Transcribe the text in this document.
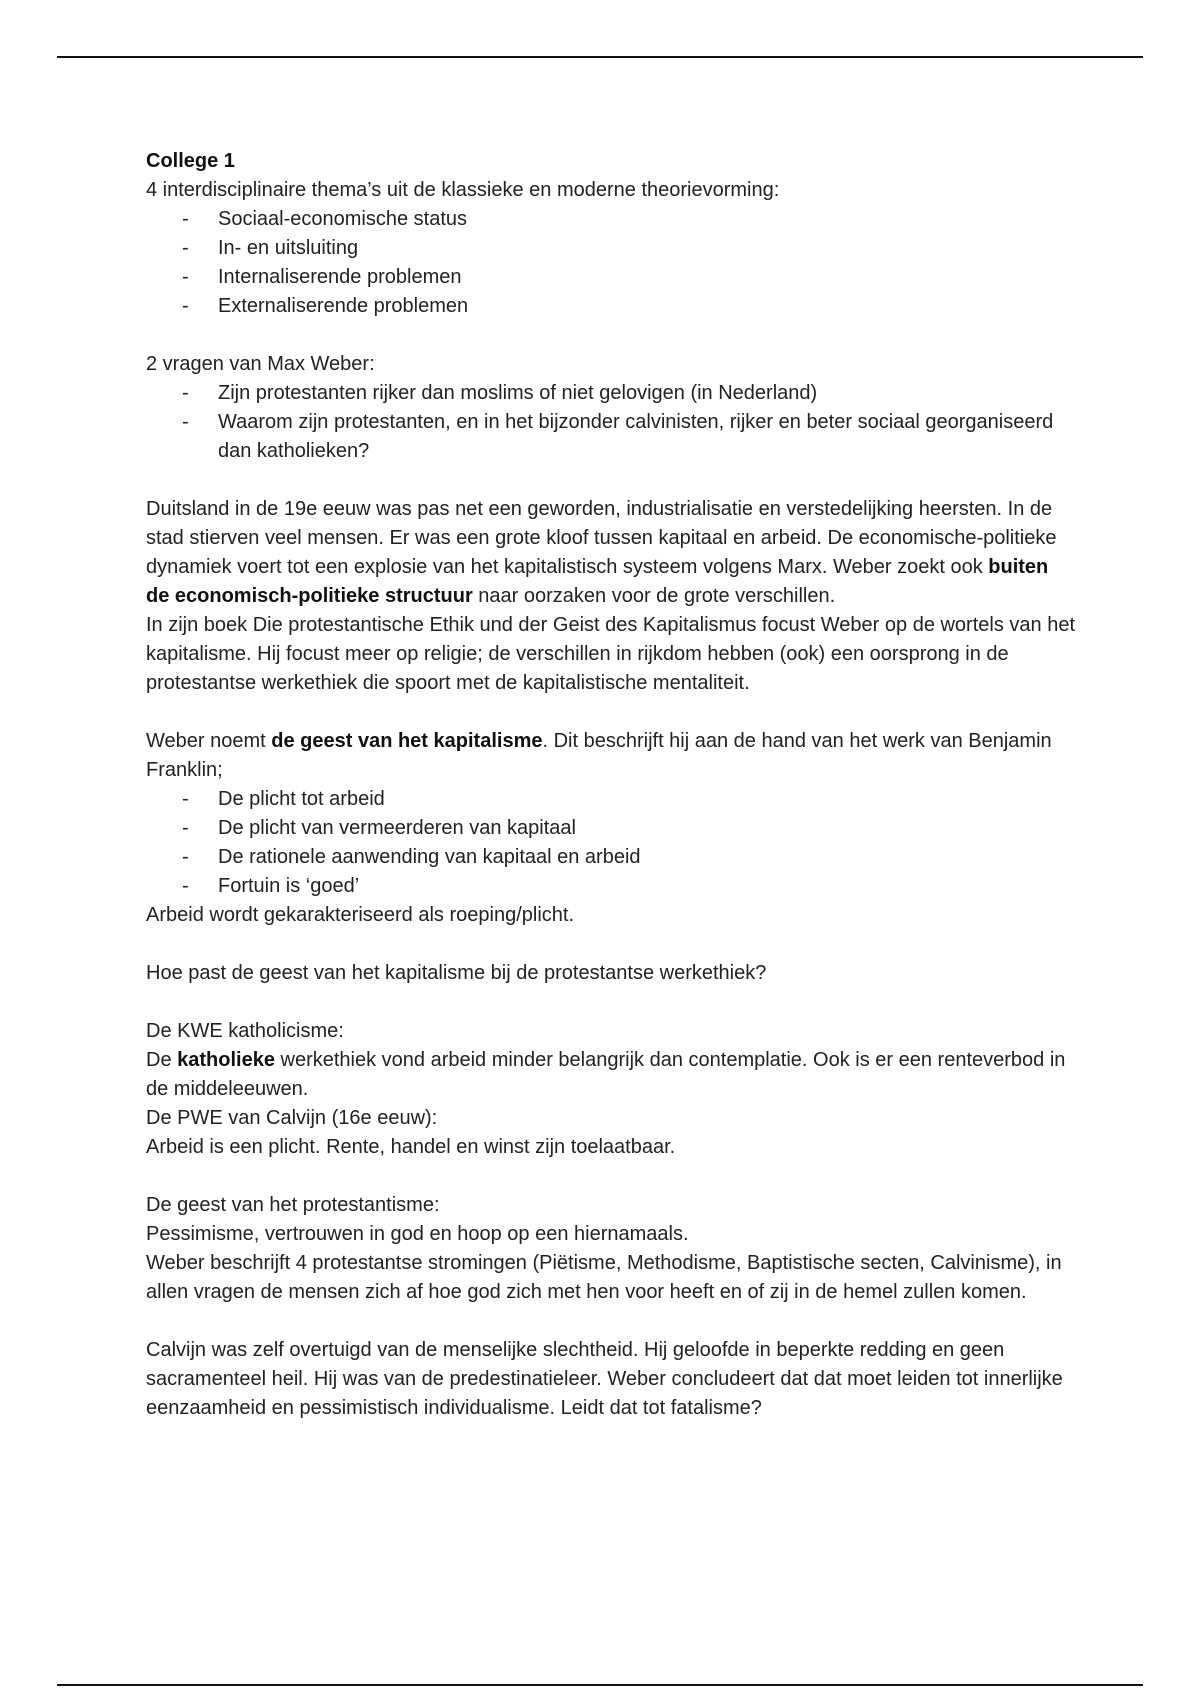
College 1

4 interdisciplinaire thema’s uit de klassieke en moderne theorievorming:

- Sociaal-economische status
- In- en uitsluiting
- Internaliserende problemen
- Externaliserende problemen

2 vragen van Max Weber:

- Zijn protestanten rijker dan moslims of niet gelovigen (in Nederland)
- Waarom zijn protestanten, en in het bijzonder calvinisten, rijker en beter sociaal georganiseerd dan katholieken?

Duitsland in de 19e eeuw was pas net een geworden, industrialisatie en verstedelijking heersten. In de stad stierven veel mensen. Er was een grote kloof tussen kapitaal en arbeid. De economische-politieke dynamiek voert tot een explosie van het kapitalistisch systeem volgens Marx. Weber zoekt ook buiten de economisch-politieke structuur naar oorzaken voor de grote verschillen.

In zijn boek Die protestantische Ethik und der Geist des Kapitalismus focust Weber op de wortels van het kapitalisme. Hij focust meer op religie; de verschillen in rijkdom hebben (ook) een oorsprong in de protestantse werkethiek die spoort met de kapitalistische mentaliteit.

Weber noemt de geest van het kapitalisme. Dit beschrijft hij aan de hand van het werk van Benjamin Franklin;

- De plicht tot arbeid
- De plicht van vermeerderen van kapitaal
- De rationele aanwending van kapitaal en arbeid
- Fortuin is ‘goed’

Arbeid wordt gekarakteriseerd als roeping/plicht.

Hoe past de geest van het kapitalisme bij de protestantse werkethiek?

De KWE katholicisme:

De katholieke werkethiek vond arbeid minder belangrijk dan contemplatie. Ook is er een renteverbod in de middeleeuwen.

De PWE van Calvijn (16e eeuw):

Arbeid is een plicht. Rente, handel en winst zijn toelaatbaar.

De geest van het protestantisme:

Pessimisme, vertrouwen in god en hoop op een hiernamaals.

Weber beschrijft 4 protestantse stromingen (Piëtisme, Methodisme, Baptistische secten, Calvinisme), in allen vragen de mensen zich af hoe god zich met hen voor heeft en of zij in de hemel zullen komen.

Calvijn was zelf overtuigd van de menselijke slechtheid. Hij geloofde in beperkte redding en geen sacramenteel heil. Hij was van de predestinatieleer. Weber concludeert dat dat moet leiden tot innerlijke eenzaamheid en pessimistisch individualisme. Leidt dat tot fatalisme?
